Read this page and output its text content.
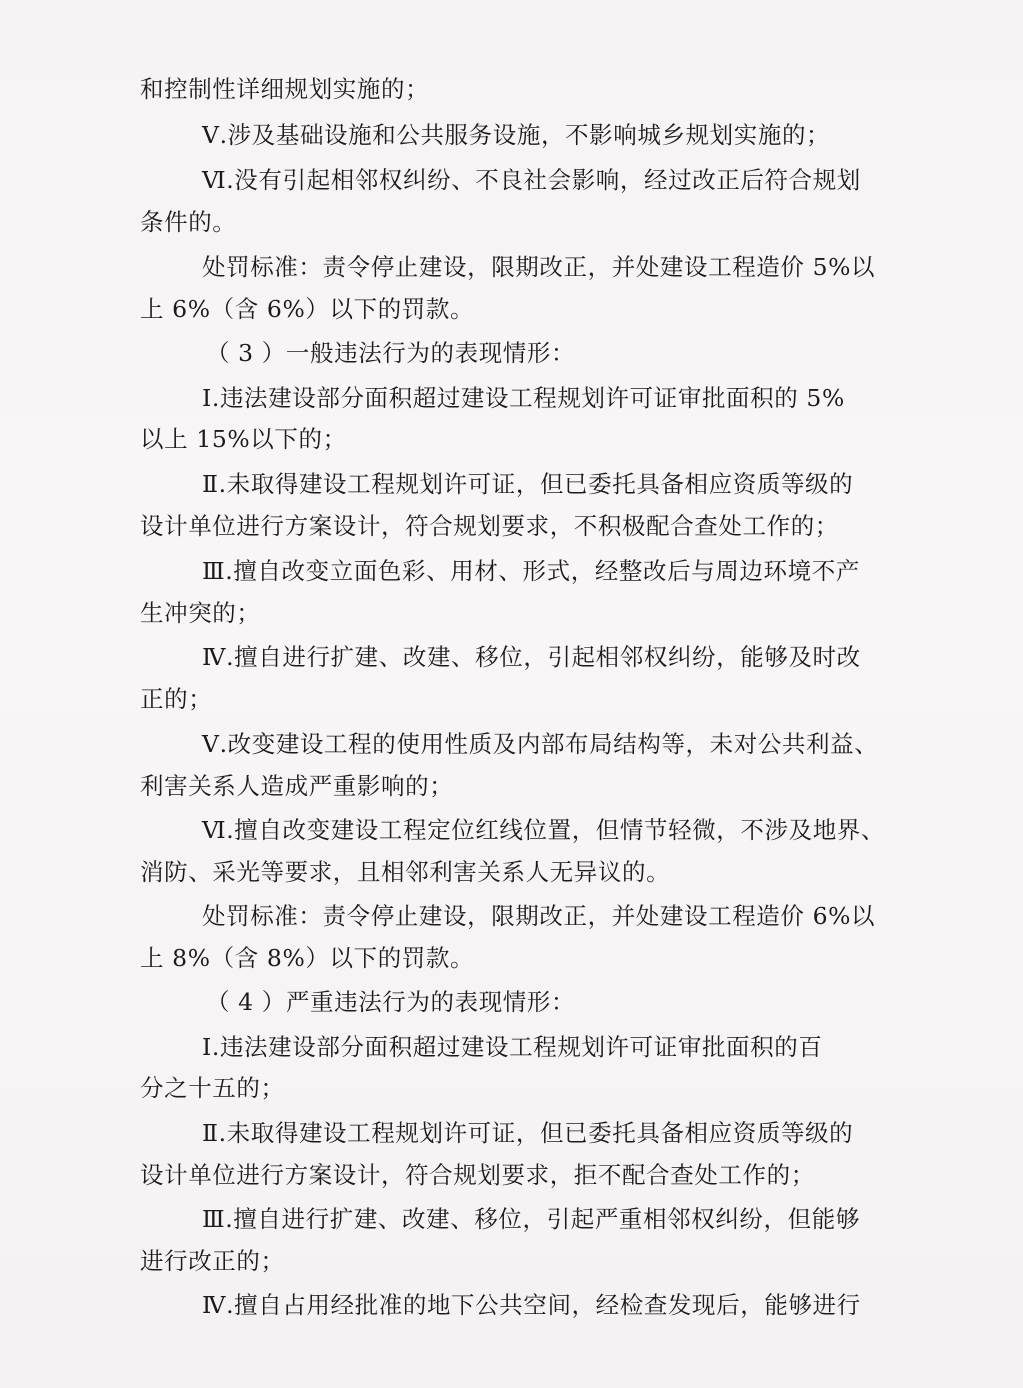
和控制性详细规划实施的；
Ⅴ.涉及基础设施和公共服务设施，不影响城乡规划实施的；
Ⅵ.没有引起相邻权纠纷、不良社会影响，经过改正后符合规划
条件的。
处罚标准：责令停止建设，限期改正，并处建设工程造价 5%以
上 6%（含 6%）以下的罚款。
（ 3 ）一般违法行为的表现情形：
Ⅰ.违法建设部分面积超过建设工程规划许可证审批面积的 5%
以上 15%以下的；
Ⅱ.未取得建设工程规划许可证，但已委托具备相应资质等级的
设计单位进行方案设计，符合规划要求，不积极配合查处工作的；
Ⅲ.擅自改变立面色彩、用材、形式，经整改后与周边环境不产
生冲突的；
Ⅳ.擅自进行扩建、改建、移位，引起相邻权纠纷，能够及时改
正的；
Ⅴ.改变建设工程的使用性质及内部布局结构等，未对公共利益、
利害关系人造成严重影响的；
Ⅵ.擅自改变建设工程定位红线位置，但情节轻微，不涉及地界、
消防、采光等要求，且相邻利害关系人无异议的。
处罚标准：责令停止建设，限期改正，并处建设工程造价 6%以
上 8%（含 8%）以下的罚款。
（ 4 ）严重违法行为的表现情形：
Ⅰ.违法建设部分面积超过建设工程规划许可证审批面积的百
分之十五的；
Ⅱ.未取得建设工程规划许可证，但已委托具备相应资质等级的
设计单位进行方案设计，符合规划要求，拒不配合查处工作的；
Ⅲ.擅自进行扩建、改建、移位，引起严重相邻权纠纷，但能够
进行改正的；
Ⅳ.擅自占用经批准的地下公共空间，经检查发现后，能够进行
